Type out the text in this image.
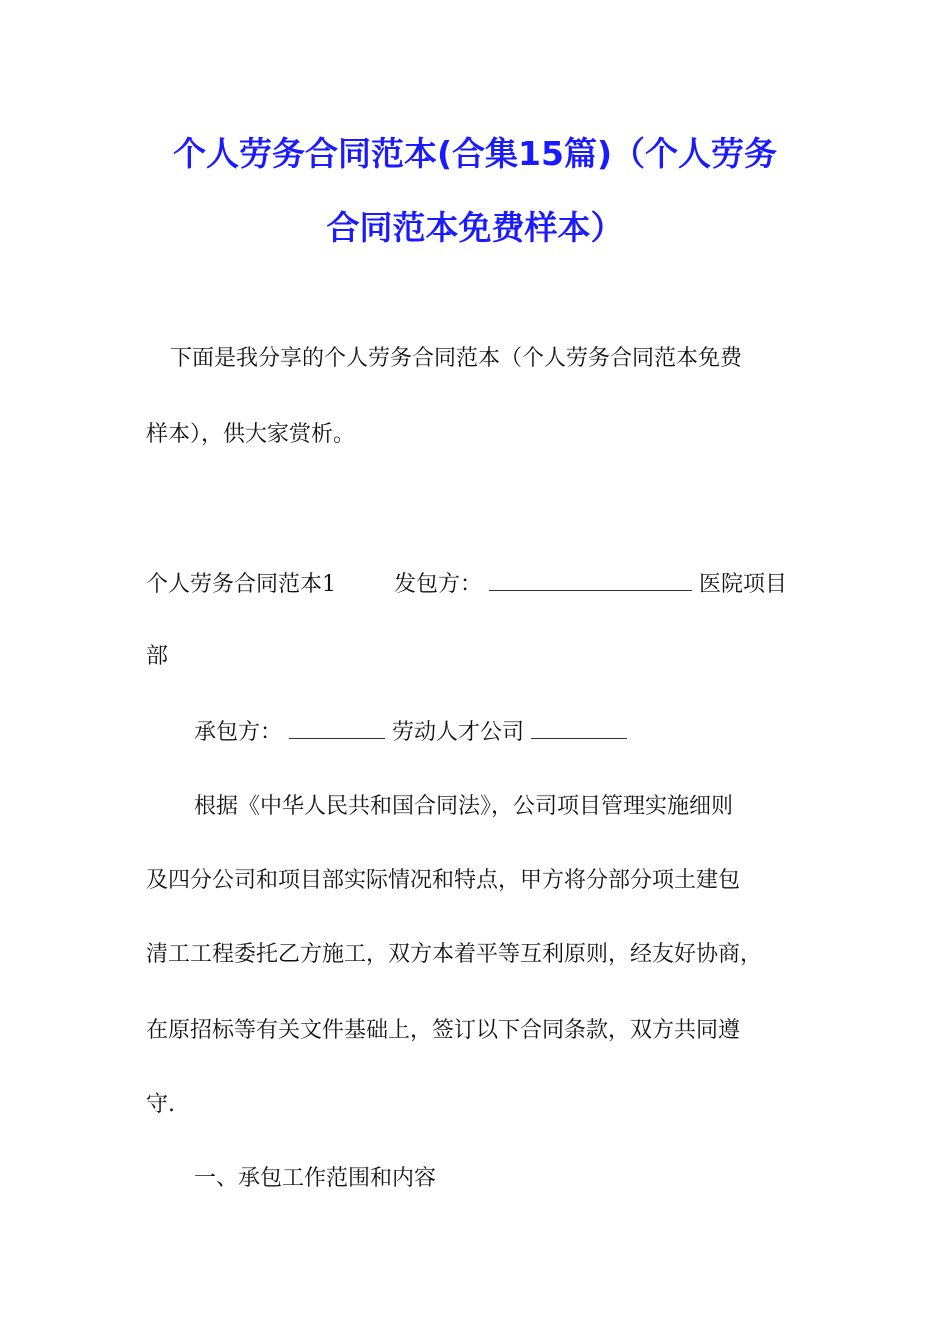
个人劳务合同范本(合集15篇)（个人劳务
合同范本免费样本）
下面是我分享的个人劳务合同范本（个人劳务合同范本免费
样本），供大家赏析。
个人劳务合同范本1	发包方：	医院项目
部
承包方：	劳动人才公司
根据《中华人民共和国合同法》，公司项目管理实施细则
及四分公司和项目部实际情况和特点，甲方将分部分项土建包
清工工程委托乙方施工，双方本着平等互利原则，经友好协商，
在原招标等有关文件基础上，签订以下合同条款，双方共同遵
守.
一、承包工作范围和内容
